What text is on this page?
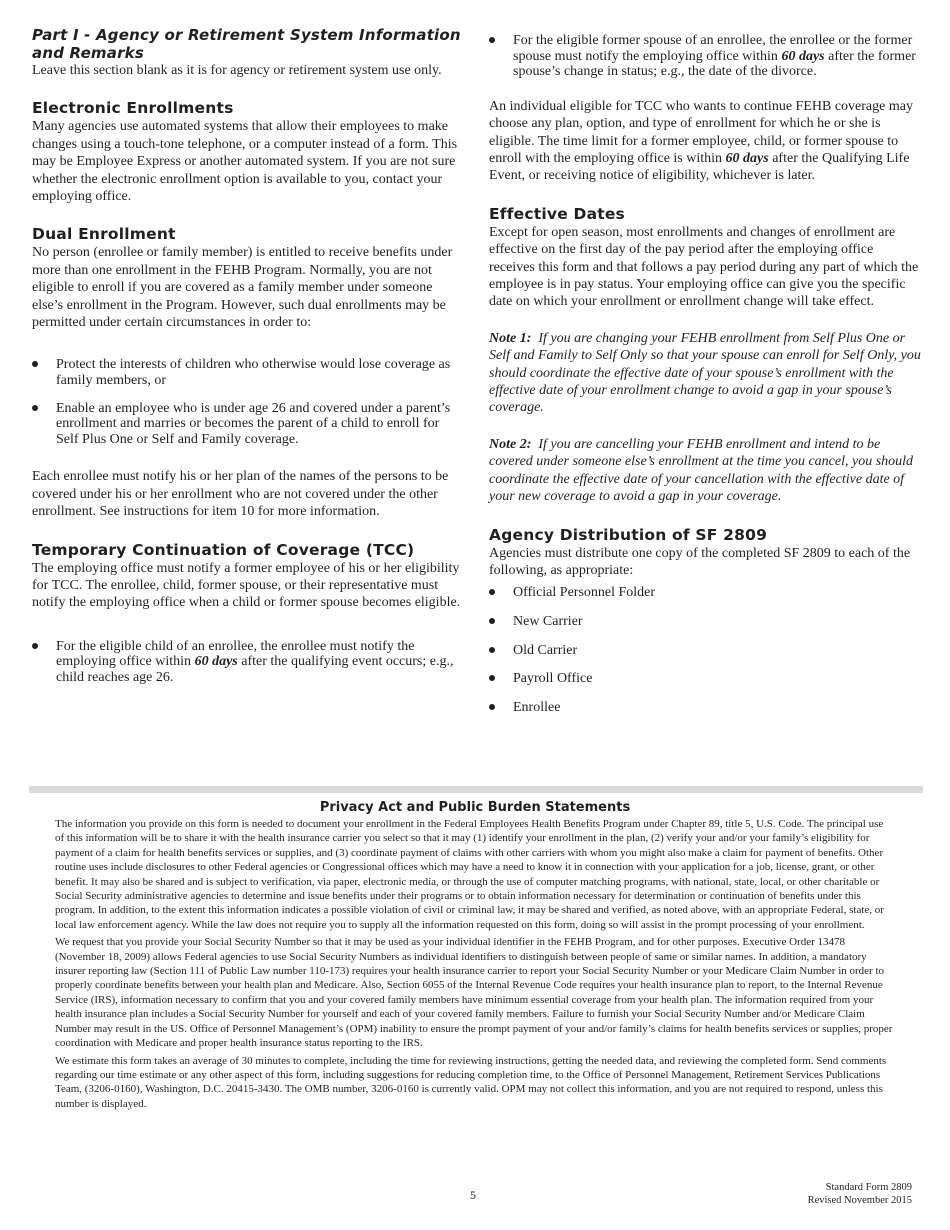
Part I - Agency or Retirement System Information and Remarks

Leave this section blank as it is for agency or retirement system use only.

Electronic Enrollments

Many agencies use automated systems that allow their employees to make changes using a touch-tone telephone, or a computer instead of a form. This may be Employee Express or another automated system. If you are not sure whether the electronic enrollment option is available to you, contact your employing office.

Dual Enrollment

No person (enrollee or family member) is entitled to receive benefits under more than one enrollment in the FEHB Program. Normally, you are not eligible to enroll if you are covered as a family member under someone else’s enrollment in the Program. However, such dual enrollments may be permitted under certain circumstances in order to:

Protect the interests of children who otherwise would lose coverage as family members, or
Enable an employee who is under age 26 and covered under a parent’s enrollment and marries or becomes the parent of a child to enroll for Self Plus One or Self and Family coverage.

Each enrollee must notify his or her plan of the names of the persons to be covered under his or her enrollment who are not covered under the other enrollment. See instructions for item 10 for more information.

Temporary Continuation of Coverage (TCC)

The employing office must notify a former employee of his or her eligibility for TCC. The enrollee, child, former spouse, or their representative must notify the employing office when a child or former spouse becomes eligible.

For the eligible child of an enrollee, the enrollee must notify the employing office within 60 days after the qualifying event occurs; e.g., child reaches age 26.
For the eligible former spouse of an enrollee, the enrollee or the former spouse must notify the employing office within 60 days after the former spouse’s change in status; e.g., the date of the divorce.

An individual eligible for TCC who wants to continue FEHB coverage may choose any plan, option, and type of enrollment for which he or she is eligible. The time limit for a former employee, child, or former spouse to enroll with the employing office is within 60 days after the Qualifying Life Event, or receiving notice of eligibility, whichever is later.

Effective Dates

Except for open season, most enrollments and changes of enrollment are effective on the first day of the pay period after the employing office receives this form and that follows a pay period during any part of which the employee is in pay status. Your employing office can give you the specific date on which your enrollment or enrollment change will take effect.

Note 1: If you are changing your FEHB enrollment from Self Plus One or Self and Family to Self Only so that your spouse can enroll for Self Only, you should coordinate the effective date of your spouse’s enrollment with the effective date of your enrollment change to avoid a gap in your spouse’s coverage.

Note 2: If you are cancelling your FEHB enrollment and intend to be covered under someone else’s enrollment at the time you cancel, you should coordinate the effective date of your cancellation with the effective date of your new coverage to avoid a gap in your coverage.

Agency Distribution of SF 2809

Agencies must distribute one copy of the completed SF 2809 to each of the following, as appropriate:

Official Personnel Folder
New Carrier
Old Carrier
Payroll Office
Enrollee
Privacy Act and Public Burden Statements

The information you provide on this form is needed to document your enrollment in the Federal Employees Health Benefits Program under Chapter 89, title 5, U.S. Code. The principal use of this information will be to share it with the health insurance carrier you select so that it may (1) identify your enrollment in the plan, (2) verify your and/or your family’s eligibility for payment of a claim for health benefits services or supplies, and (3) coordinate payment of claims with other carriers with whom you might also make a claim for payment of benefits. Other routine uses include disclosures to other Federal agencies or Congressional offices which may have a need to know it in connection with your application for a job, license, grant, or other benefit. It may also be shared and is subject to verification, via paper, electronic media, or through the use of computer matching programs, with national, state, local, or other charitable or Social Security administrative agencies to determine and issue benefits under their programs or to obtain information necessary for determination or continuation of benefits under this program. In addition, to the extent this information indicates a possible violation of civil or criminal law, it may be shared and verified, as noted above, with an appropriate Federal, state, or local law enforcement agency. While the law does not require you to supply all the information requested on this form, doing so will assist in the prompt processing of your enrollment.

We request that you provide your Social Security Number so that it may be used as your individual identifier in the FEHB Program, and for other purposes. Executive Order 13478 (November 18, 2009) allows Federal agencies to use Social Security Numbers as individual identifiers to distinguish between people of same or similar names. In addition, a mandatory insurer reporting law (Section 111 of Public Law number 110-173) requires your health insurance carrier to report your Social Security Number or your Medicare Claim Number in order to properly coordinate benefits between your health plan and Medicare. Also, Section 6055 of the Internal Revenue Code requires your health insurance plan to report, to the Internal Revenue Service (IRS), information necessary to confirm that you and your covered family members have minimum essential coverage from your health plan. The information required from your health insurance plan includes a Social Security Number for yourself and each of your covered family members. Failure to furnish your Social Security Number and/or Medicare Claim Number may result in the US. Office of Personnel Management’s (OPM) inability to ensure the prompt payment of your and/or family’s claims for health benefits services or supplies, proper coordination with Medicare and proper health insurance status reporting to the IRS.

We estimate this form takes an average of 30 minutes to complete, including the time for reviewing instructions, getting the needed data, and reviewing the completed form. Send comments regarding our time estimate or any other aspect of this form, including suggestions for reducing completion time, to the Office of Personnel Management, Retirement Services Publications Team, (3206-0160), Washington, D.C. 20415-3430. The OMB number, 3206-0160 is currently valid. OPM may not collect this information, and you are not required to respond, unless this number is displayed.

5
Standard Form 2809
Revised November 2015
